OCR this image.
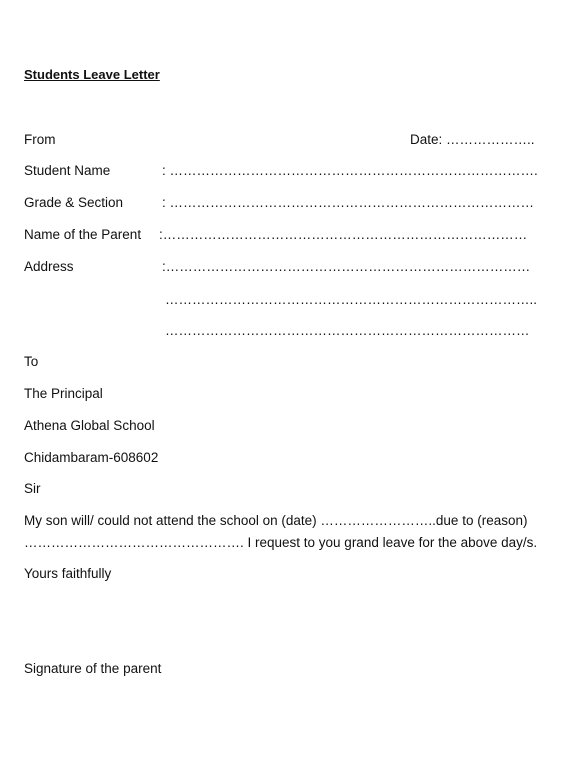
Students Leave Letter
From	Date: ………………..
Student Name	: ……………………………………………………………………….
Grade & Section	: ………………………………………………………………………
Name of the Parent :………………………………………………………………………
Address	:………………………………………………………………………
………………………………………………………………………..
………………………………………………………………………
To
The Principal
Athena Global School
Chidambaram-608602
Sir
My son will/ could not attend the school on (date) ……………………..due to (reason)
…………………………………………. I request to you grand leave for the above day/s.
Yours faithfully
Signature of the parent
